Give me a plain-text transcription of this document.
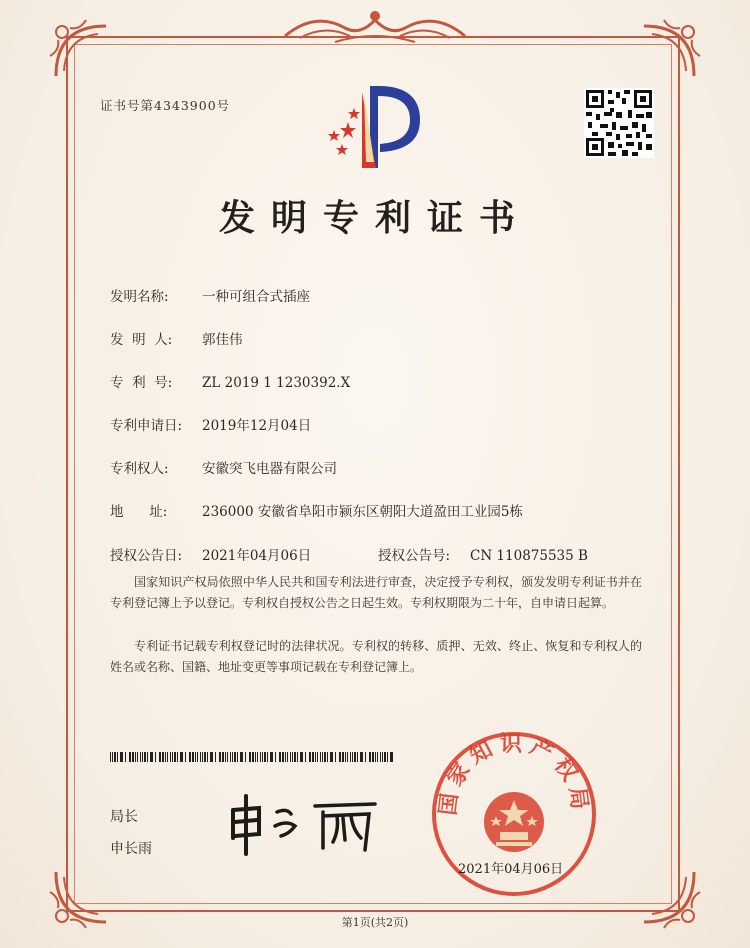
证书号第4343900号
发明专利证书
发明名称: 一种可组合式插座
发  明  人: 郭佳伟
专  利  号: ZL 2019 1 1230392.X
专利申请日: 2019年12月04日
专利权人: 安徽突飞电器有限公司
地      址:	236000 安徽省阜阳市颍东区朝阳大道盈田工业园5栋
授权公告日: 2021年04月06日	授权公告号: CN 110875535 B
国家知识产权局依照中华人民共和国专利法进行审查，决定授予专利权，颁发发明专利证书并在专利登记簿上予以登记。专利权自授权公告之日起生效。专利权期限为二十年，自申请日起算。
专利证书记载专利权登记时的法律状况。专利权的转移、质押、无效、终止、恢复和专利权人的姓名或名称、国籍、地址变更等事项记载在专利登记簿上。
局长
申长雨
国家知识产权局
2021年04月06日
第1页(共2页)
